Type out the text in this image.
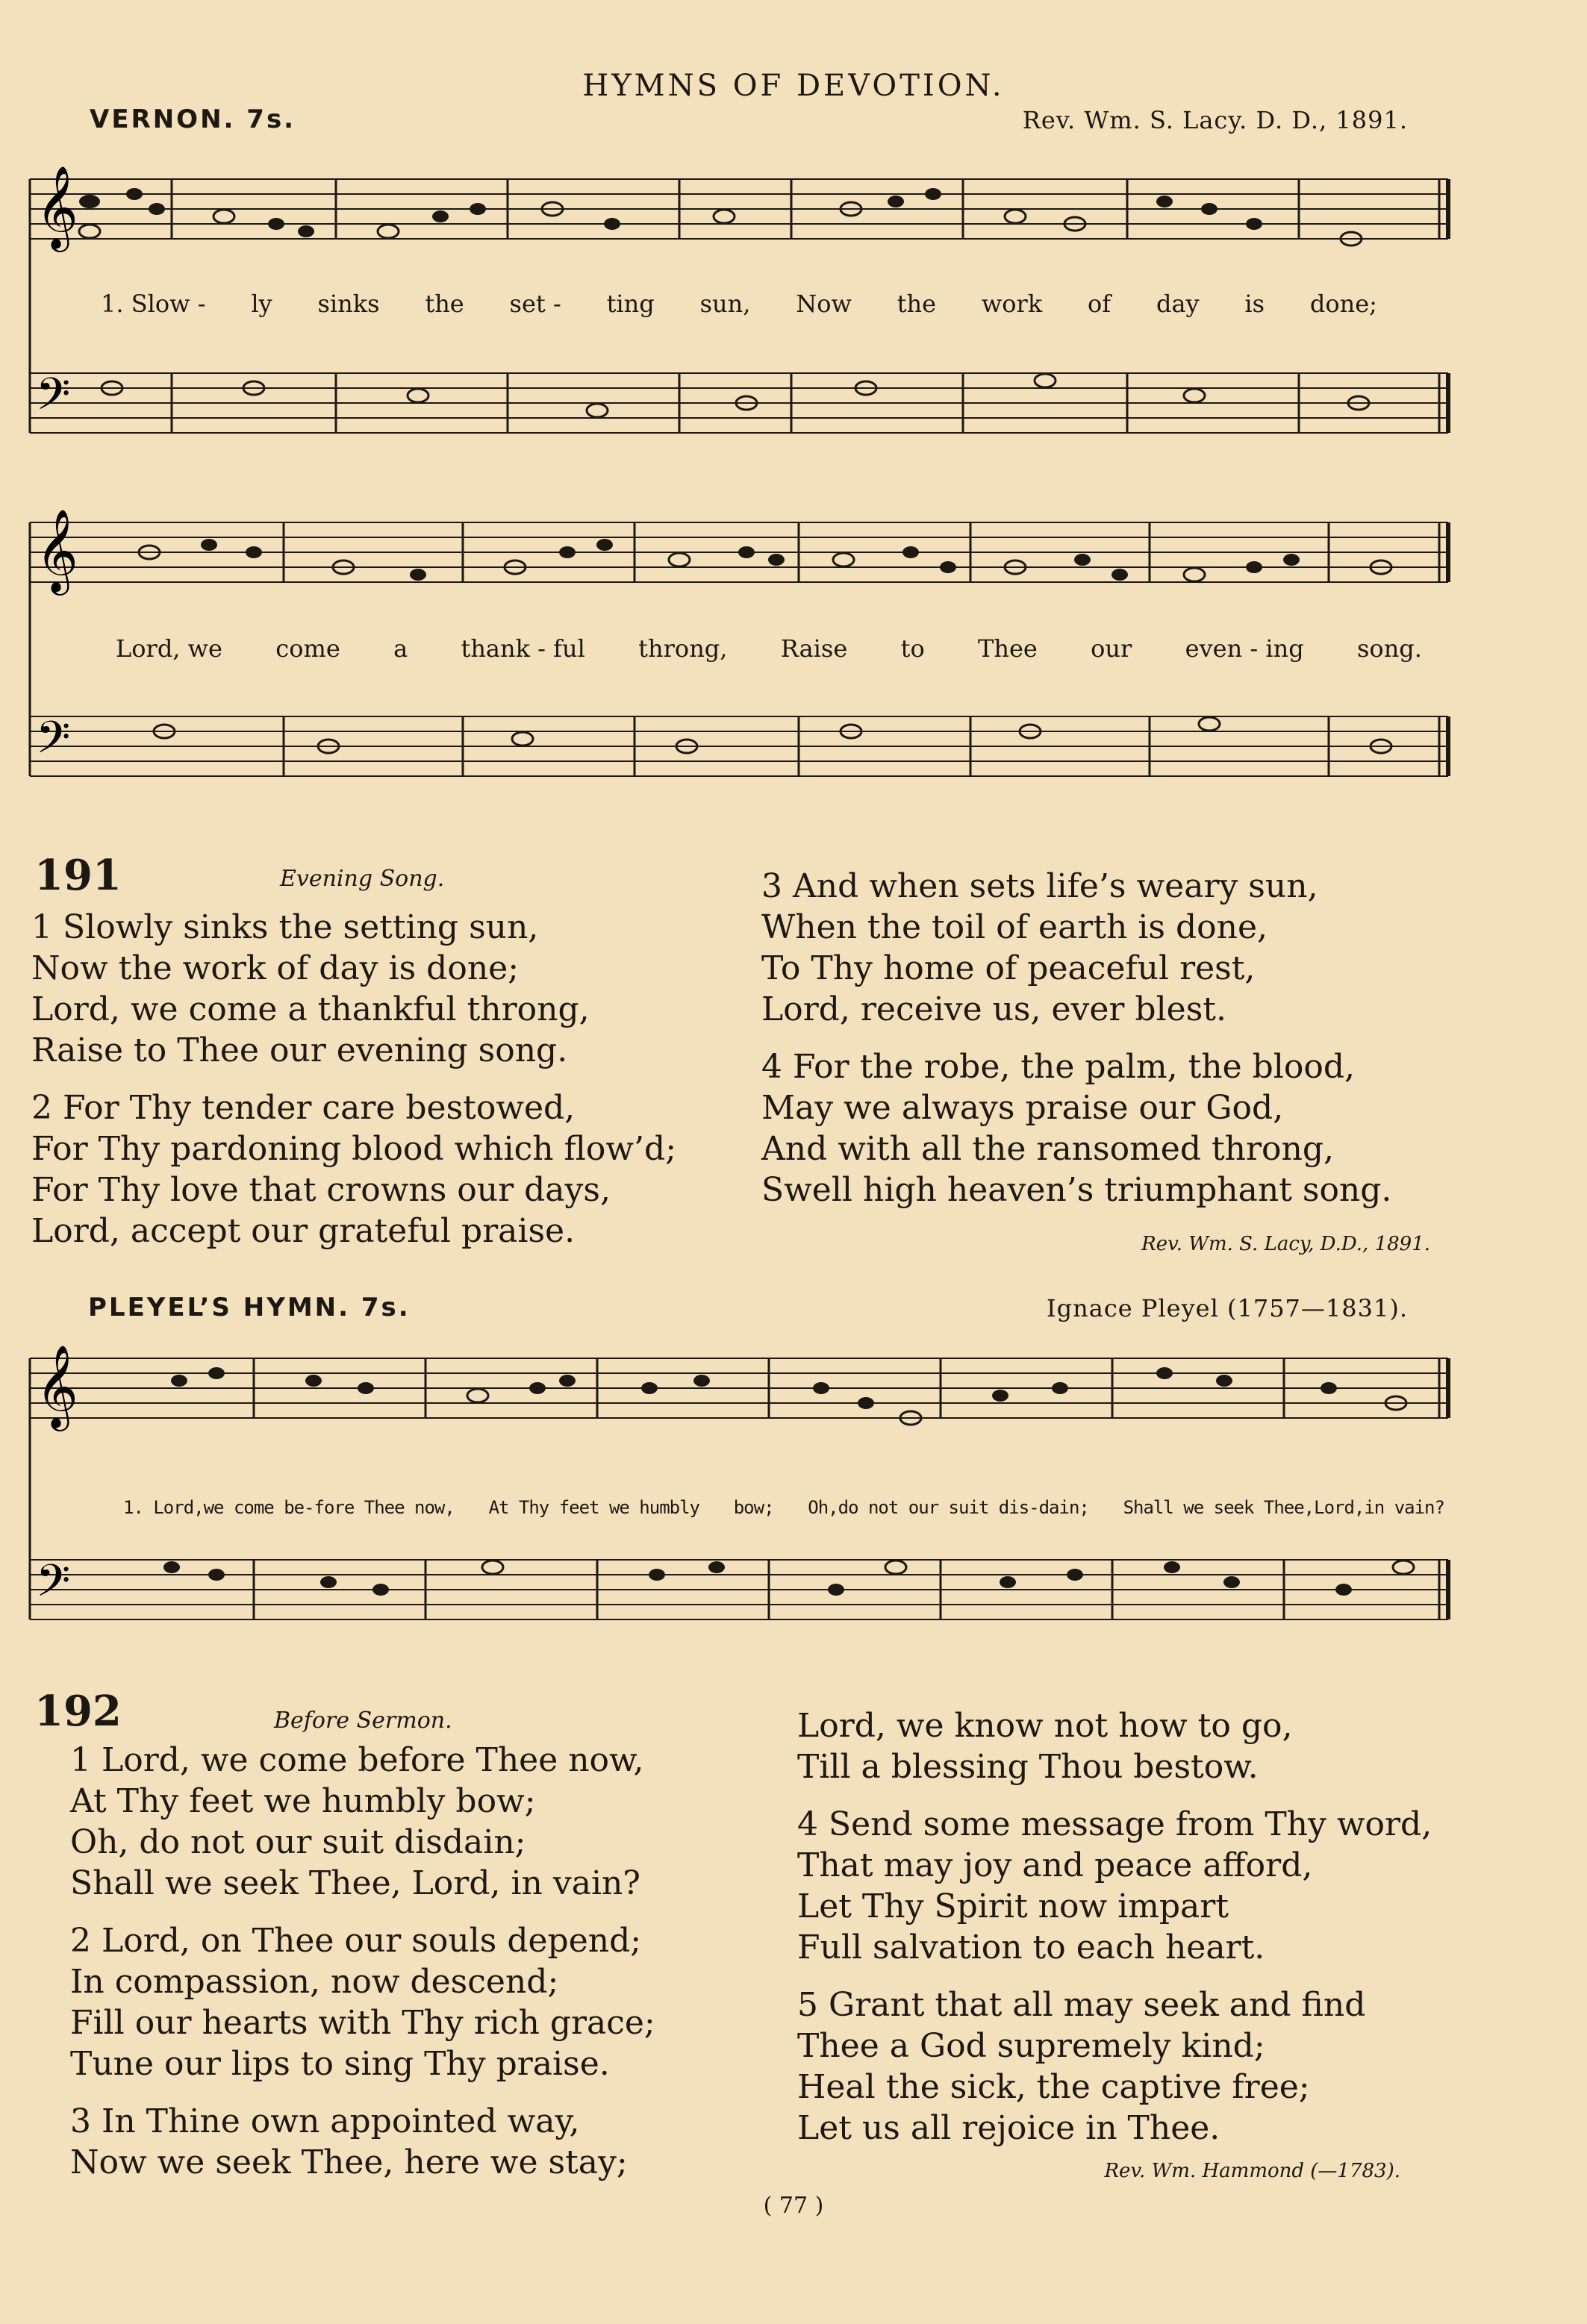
HYMNS OF DEVOTION.
VERNON. 7s.	Rev. Wm. S. Lacy. D. D., 1891.
𝄞
𝄢
1. Slow - ly sinks the set - ting sun, Now the work of day is done;
𝄞
𝄢
Lord, we come a thank - ful throng, Raise to Thee our even - ing song.
191	Evening Song.
1 Slowly sinks the setting sun,
Now the work of day is done;
Lord, we come a thankful throng,
Raise to Thee our evening song.
2 For Thy tender care bestowed,
For Thy pardoning blood which flow’d;
For Thy love that crowns our days,
Lord, accept our grateful praise.
3 And when sets life’s weary sun,
When the toil of earth is done,
To Thy home of peaceful rest,
Lord, receive us, ever blest.
4 For the robe, the palm, the blood,
May we always praise our God,
And with all the ransomed throng,
Swell high heaven’s triumphant song.
Rev. Wm. S. Lacy, D.D., 1891.
PLEYEL’S HYMN. 7s.	Ignace Pleyel (1757—1831).
𝄞
𝄢
1. Lord,we come be-fore Thee now, At Thy feet we humbly bow; Oh,do not our suit dis-dain; Shall we seek Thee,Lord,in vain?
192	Before Sermon.
1 Lord, we come before Thee now,
At Thy feet we humbly bow;
Oh, do not our suit disdain;
Shall we seek Thee, Lord, in vain?
2 Lord, on Thee our souls depend;
In compassion, now descend;
Fill our hearts with Thy rich grace;
Tune our lips to sing Thy praise.
3 In Thine own appointed way,
Now we seek Thee, here we stay;
Lord, we know not how to go,
Till a blessing Thou bestow.
4 Send some message from Thy word,
That may joy and peace afford,
Let Thy Spirit now impart
Full salvation to each heart.
5 Grant that all may seek and find
Thee a God supremely kind;
Heal the sick, the captive free;
Let us all rejoice in Thee.
Rev. Wm. Hammond (—1783).
( 77 )
